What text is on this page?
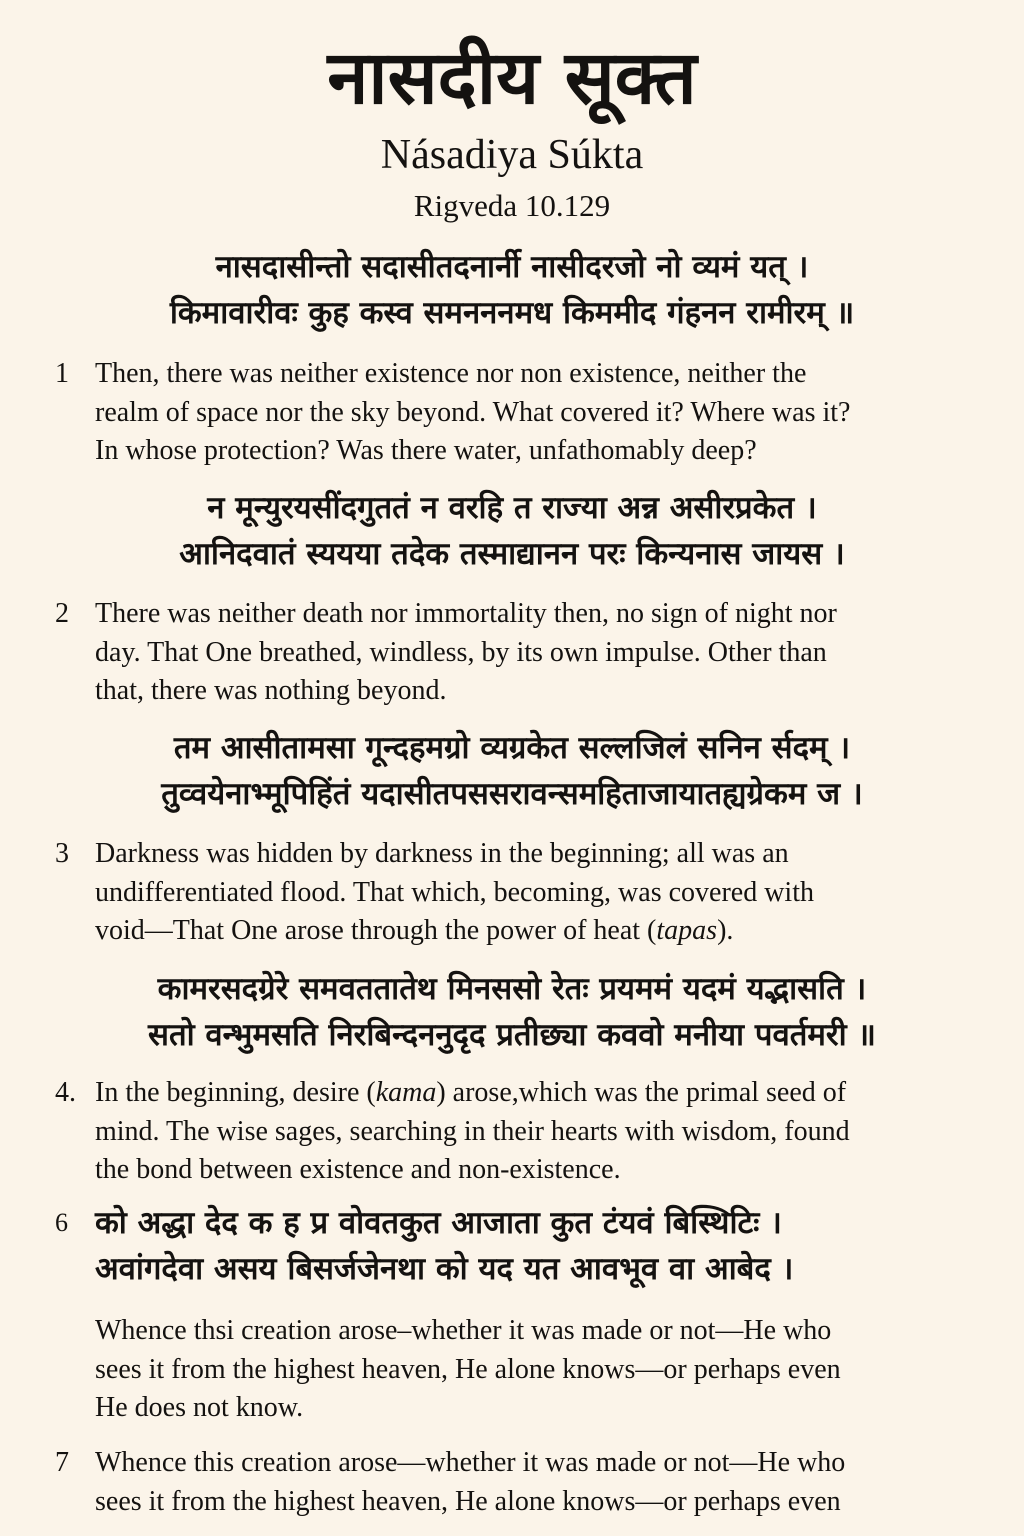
नासदीय सूक्त
Násadiya Súkta
Rigveda 10.129
नासदासीन्तो सदासीतदनार्नी नासीदरजो नो व्यमं यत् ।
किमावारीवः कुह कस्व समनननमध किममीद गंहनन रामीरम् ॥
1 Then, there was neither existence nor non existence, neither the
realm of space nor the sky beyond. What covered it? Where was it?
In whose protection? Was there water, unfathomably deep?
न मून्युरयसींदगुततं न वरहि त राज्या अन्न असीरप्रकेत ।
आनिदवातं स्ययया तदेक तस्माद्यानन परः किन्यनास जायस ।
2 There was neither death nor immortality then, no sign of night nor
day. That One breathed, windless, by its own impulse. Other than
that, there was nothing beyond.
तम आसीतामसा गून्दहमग्रो व्यग्रकेत सल्लजिलं सनिन र्सदम् ।
तुव्वयेनाभ्मूपिहिंतं यदासीतपससरावन्समहिताजायातह्यग्रेकम ज ।
3 Darkness was hidden by darkness in the beginning; all was an
undifferentiated flood. That which, becoming, was covered with
void—That One arose through the power of heat (tapas).
कामरसदग्रेरे समवततातेथ मिनससो रेतः प्रयममं यदमं यद्भासति ।
सतो वन्भुमसति निरबिन्दननुदृद प्रतीछ्या कववो मनीया पवर्तमरी ॥
4. In the beginning, desire (kama) arose,which was the primal seed of
mind. The wise sages, searching in their hearts with wisdom, found
the bond between existence and non-existence.
6 को अद्धा देद क ह प्र वोवतकुत आजाता कुत टंयवं बिस्थिटिः ।
अवांगदेवा असय बिसर्जजेनथा को यद यत आवभूव वा आबेद ।
Whence thsi creation arose–whether it was made or not—He who
sees it from the highest heaven, He alone knows—or perhaps even
He does not know.
7 Whence this creation arose—whether it was made or not—He who
sees it from the highest heaven, He alone knows—or perhaps even
